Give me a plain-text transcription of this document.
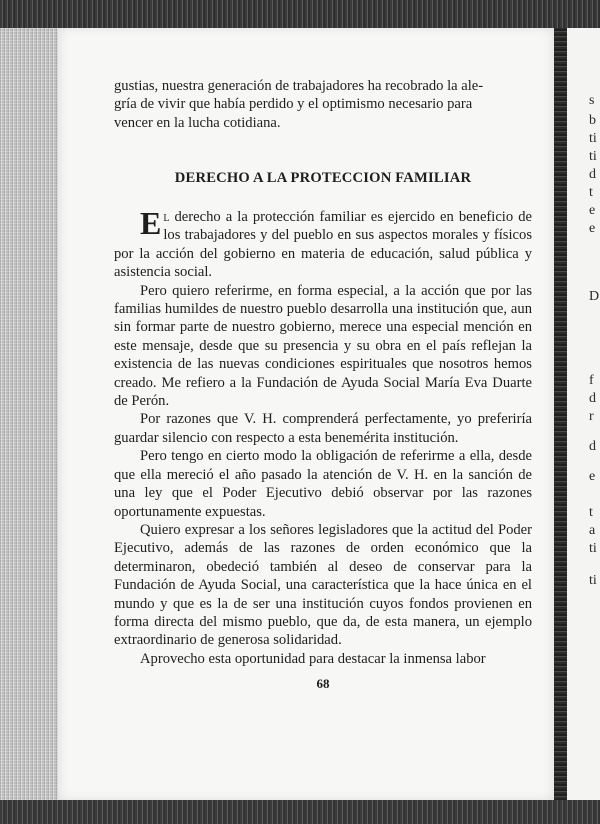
s
b
ti
ti
d
t
e
e
D
f
d
r
d
e
t
a
ti
ti

gustias, nuestra generación de trabajadores ha recobrado la ale-
gría de vivir que había perdido y el optimismo necesario para
vencer en la lucha cotidiana.

DERECHO A LA PROTECCION FAMILIAR

El derecho a la protección familiar es ejercido en beneficio de los trabajadores y del pueblo en sus aspectos morales y físicos por la acción del gobierno en materia de educación, salud pública y asistencia social.

Pero quiero referirme, en forma especial, a la acción que por las familias humildes de nuestro pueblo desarrolla una institución que, aun sin formar parte de nuestro gobierno, merece una especial mención en este mensaje, desde que su presencia y su obra en el país reflejan la existencia de las nuevas condiciones espirituales que nosotros hemos creado. Me refiero a la Fundación de Ayuda Social María Eva Duarte de Perón.

Por razones que V. H. comprenderá perfectamente, yo preferiría guardar silencio con respecto a esta benemérita institución.

Pero tengo en cierto modo la obligación de referirme a ella, desde que ella mereció el año pasado la atención de V. H. en la sanción de una ley que el Poder Ejecutivo debió observar por las razones oportunamente expuestas.

Quiero expresar a los señores legisladores que la actitud del Poder Ejecutivo, además de las razones de orden económico que la determinaron, obedeció también al deseo de conservar para la Fundación de Ayuda Social, una característica que la hace única en el mundo y que es la de ser una institución cuyos fondos provienen en forma directa del mismo pueblo, que da, de esta manera, un ejemplo extraordinario de generosa solidaridad.

Aprovecho esta oportunidad para destacar la inmensa labor

68
